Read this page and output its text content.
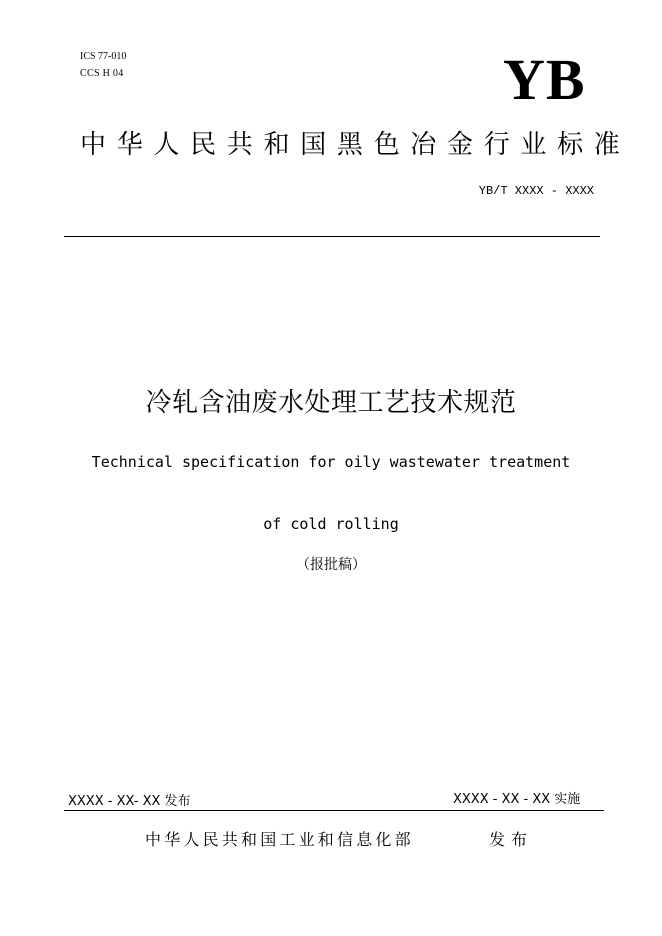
ICS 77-010
CCS H 04	YB
中华人民共和国黑色冶金行业标准
YB/T XXXX - XXXX
冷轧含油废水处理工艺技术规范
Technical specification for oily wastewater treatment
of cold rolling
（报批稿）
XXXX - XX- XX 发布	XXXX - XX - XX 实施
中华人民共和国工业和信息化部	发布
